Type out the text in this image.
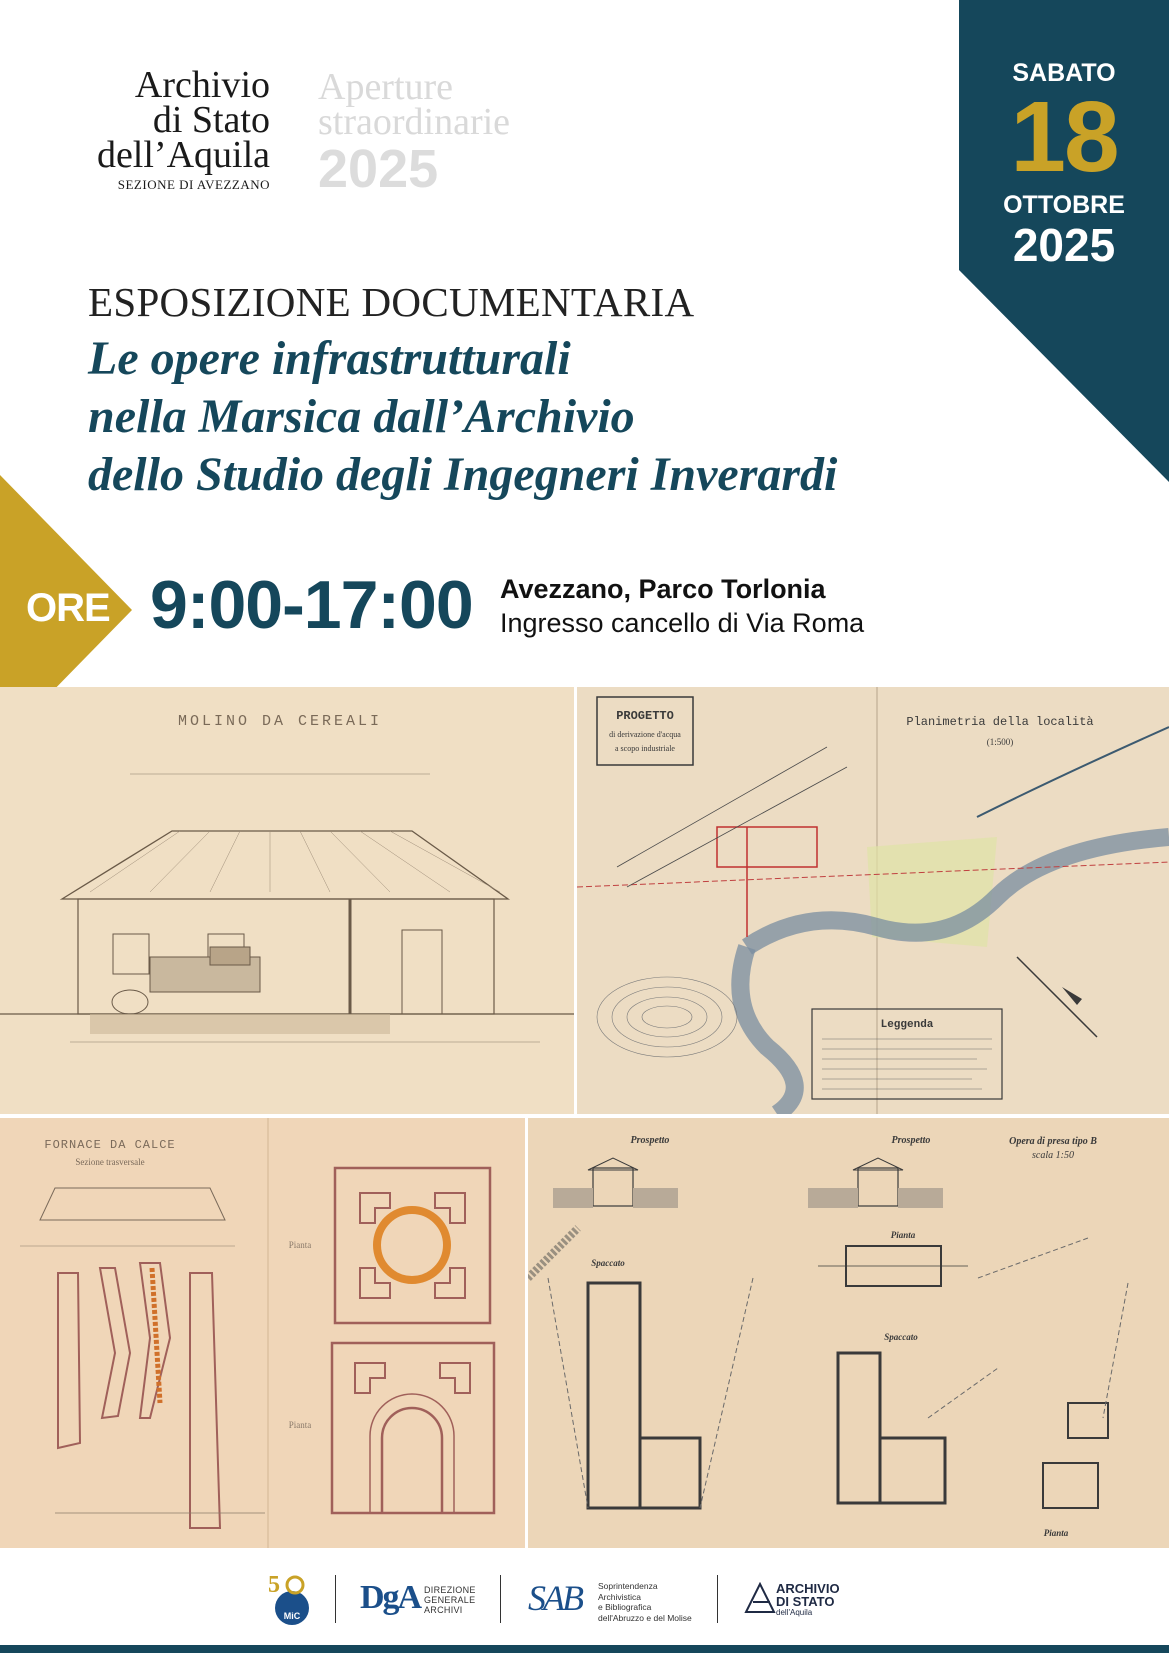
Archivio
di Stato
dell’Aquila
SEZIONE DI AVEZZANO
Aperture
straordinarie
2025
SABATO
18
OTTOBRE
2025
ESPOSIZIONE DOCUMENTARIA
Le opere infrastrutturali
nella Marsica dall’Archivio
dello Studio degli Ingegneri Inverardi
ORE 9:00-17:00 Avezzano, Parco Torlonia
Ingresso cancello di Via Roma
MOLINO DA CEREALI	PROGETTO
di derivazione d'acqua
a scopo industriale
Planimetria della località
(1:500)
Leggenda
FORNACE DA CALCE
Sezione trasversale
Pianta
Pianta
Prospetto	Prospetto	Opera di presa tipo B
scala 1:50
Spaccato
Pianta
Spaccato
Pianta
5
MiC DgA DIREZIONE
GENERALE
ARCHIVI	SAB	Soprintendenza
Archivistica
e Bibliografica
dell'Abruzzo e del Molise
ARCHIVIO
DI STATO
dell'Aquila
